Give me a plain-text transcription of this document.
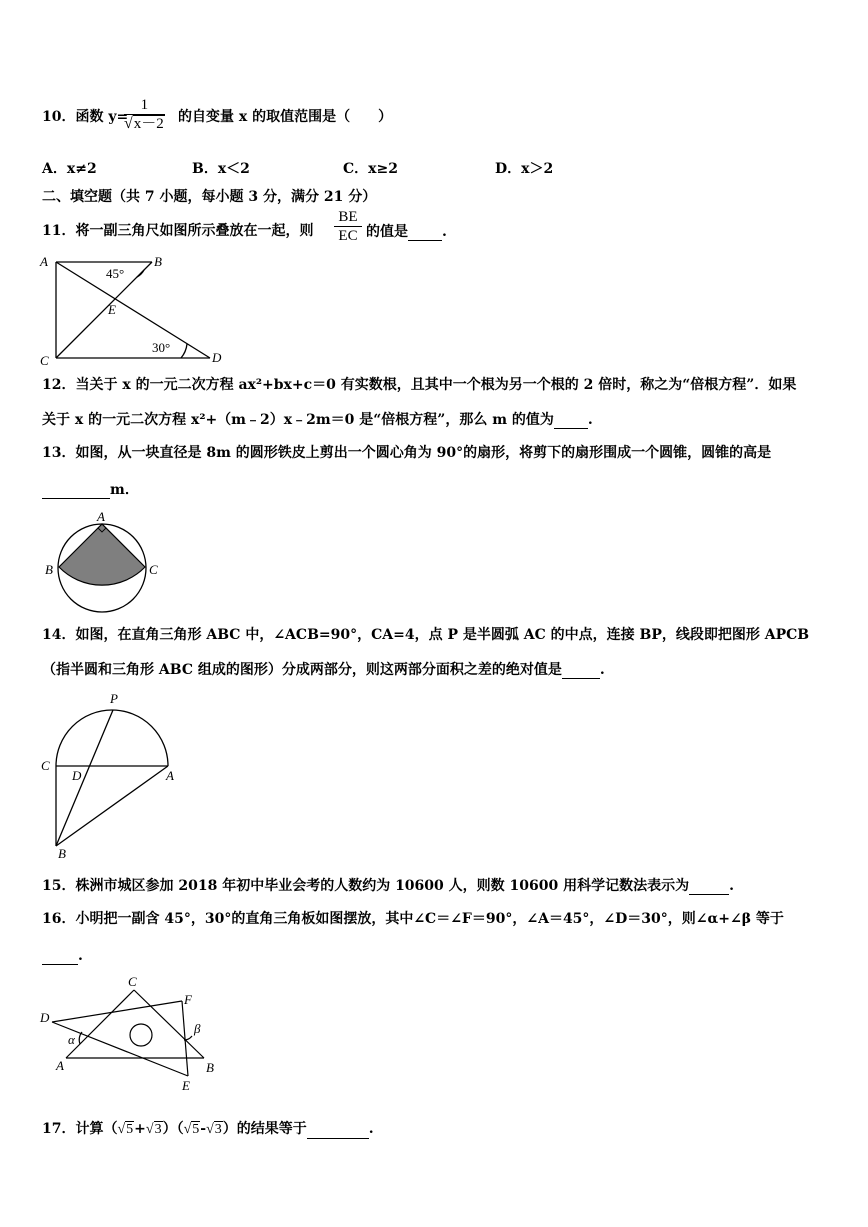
10．函数 y=
$\frac{1}{√x-2}$ 的自变量 x 的取值范围是（　　）
A．x≠2	B．x＜2	C．x≥2	D．x＞2
二、填空题（共 7 小题，每小题 3 分，满分 21 分）
11．将一副三角尺如图所示叠放在一起，则 $\frac{BE}{EC}$ 的值是 .
A	B
C	D
E
45°
30°
12．当关于 x 的一元二次方程 ax²+bx+c＝0 有实数根，且其中一个根为另一个根的 2 倍时，称之为“倍根方程”．如果
关于 x 的一元二次方程 x²+（m﹣2）x﹣2m＝0 是“倍根方程”，那么 m 的值为 .
13．如图，从一块直径是 8m 的圆形铁皮上剪出一个圆心角为 90°的扇形，将剪下的扇形围成一个圆锥，圆锥的高是
m．
A
B	C
14．如图，在直角三角形 ABC 中，∠ACB=90°，CA=4，点 P 是半圆弧 AC 的中点，连接 BP，线段即把图形 APCB
（指半圆和三角形 ABC 组成的图形）分成两部分，则这两部分面积之差的绝对值是	.
P
C
D	A
B
15．株洲市城区参加 2018 年初中毕业会考的人数约为 10600 人，则数 10600 用科学记数法表示为	.
16．小明把一副含 45°，30°的直角三角板如图摆放，其中∠C＝∠F＝90°，∠A＝45°，∠D＝30°，则∠α+∠β 等于
.
C
F
D
α
β
A	B
E
17．计算（√5+√3）（√5-√3）的结果等于	.
